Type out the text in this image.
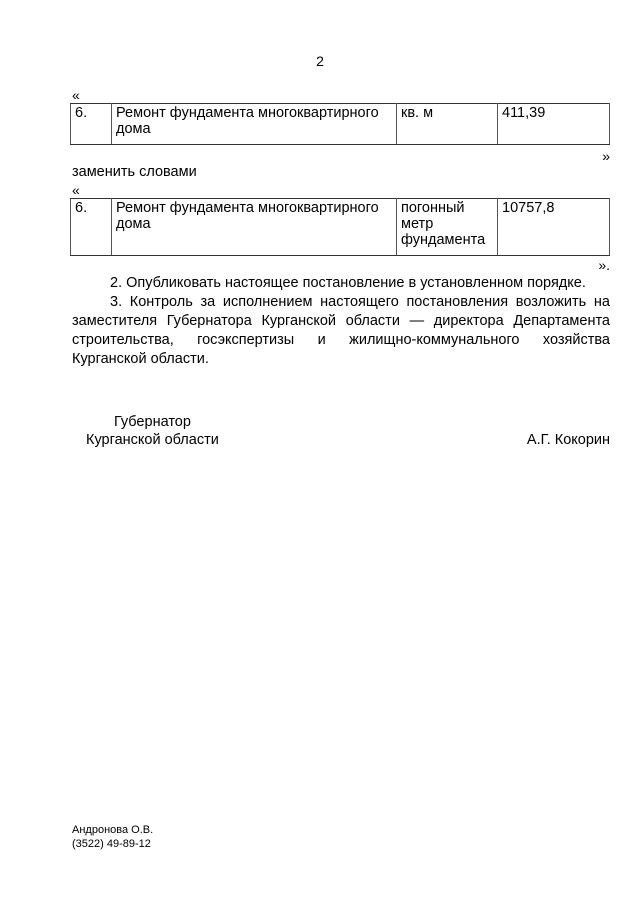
2
«
6.	Ремонт фундамента многоквартирного дома	кв. м	411,39
»
заменить словами
«
6.	Ремонт фундамента многоквартирного дома	погонный метр фундамента	10757,8
».
2. Опубликовать настоящее постановление в установленном порядке.
3. Контроль за исполнением настоящего постановления возложить на заместителя Губернатора Курганской области — директора Департамента строительства, госэкспертизы и жилищно-коммунального хозяйства Курганской области.
Губернатор
Курганской области	А.Г. Кокорин
Андронова О.В.
(3522) 49-89-12
